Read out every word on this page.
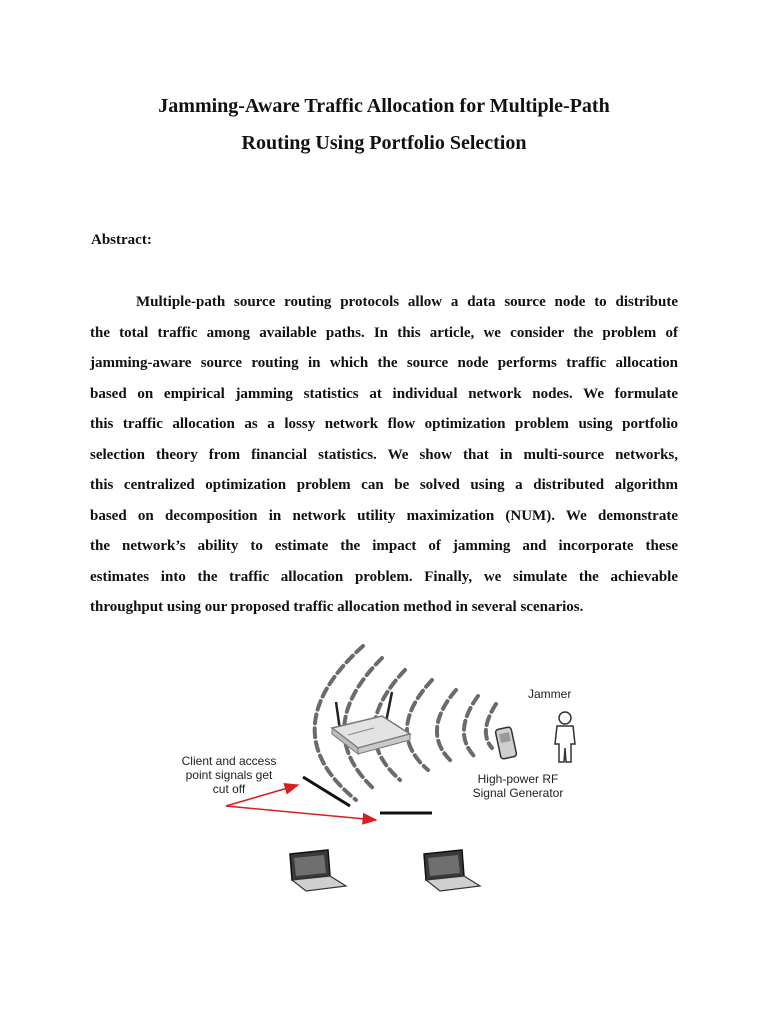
Jamming-Aware Traffic Allocation for Multiple-Path
Routing Using Portfolio Selection
Abstract:
Multiple-path source routing protocols allow a data source node to distribute
the total traffic among available paths. In this article, we consider the problem of
jamming-aware source routing in which the source node performs traffic allocation
based on empirical jamming statistics at individual network nodes. We formulate
this traffic allocation as a lossy network flow optimization problem using portfolio
selection theory from financial statistics. We show that in multi-source networks,
this centralized optimization problem can be solved using a distributed algorithm
based on decomposition in network utility maximization (NUM). We demonstrate
the network’s ability to estimate the impact of jamming and incorporate these
estimates into the traffic allocation problem. Finally, we simulate the achievable
throughput using our proposed traffic allocation method in several scenarios.
Client and access
point signals get
cut off
Jammer
High-power RF
Signal Generator
